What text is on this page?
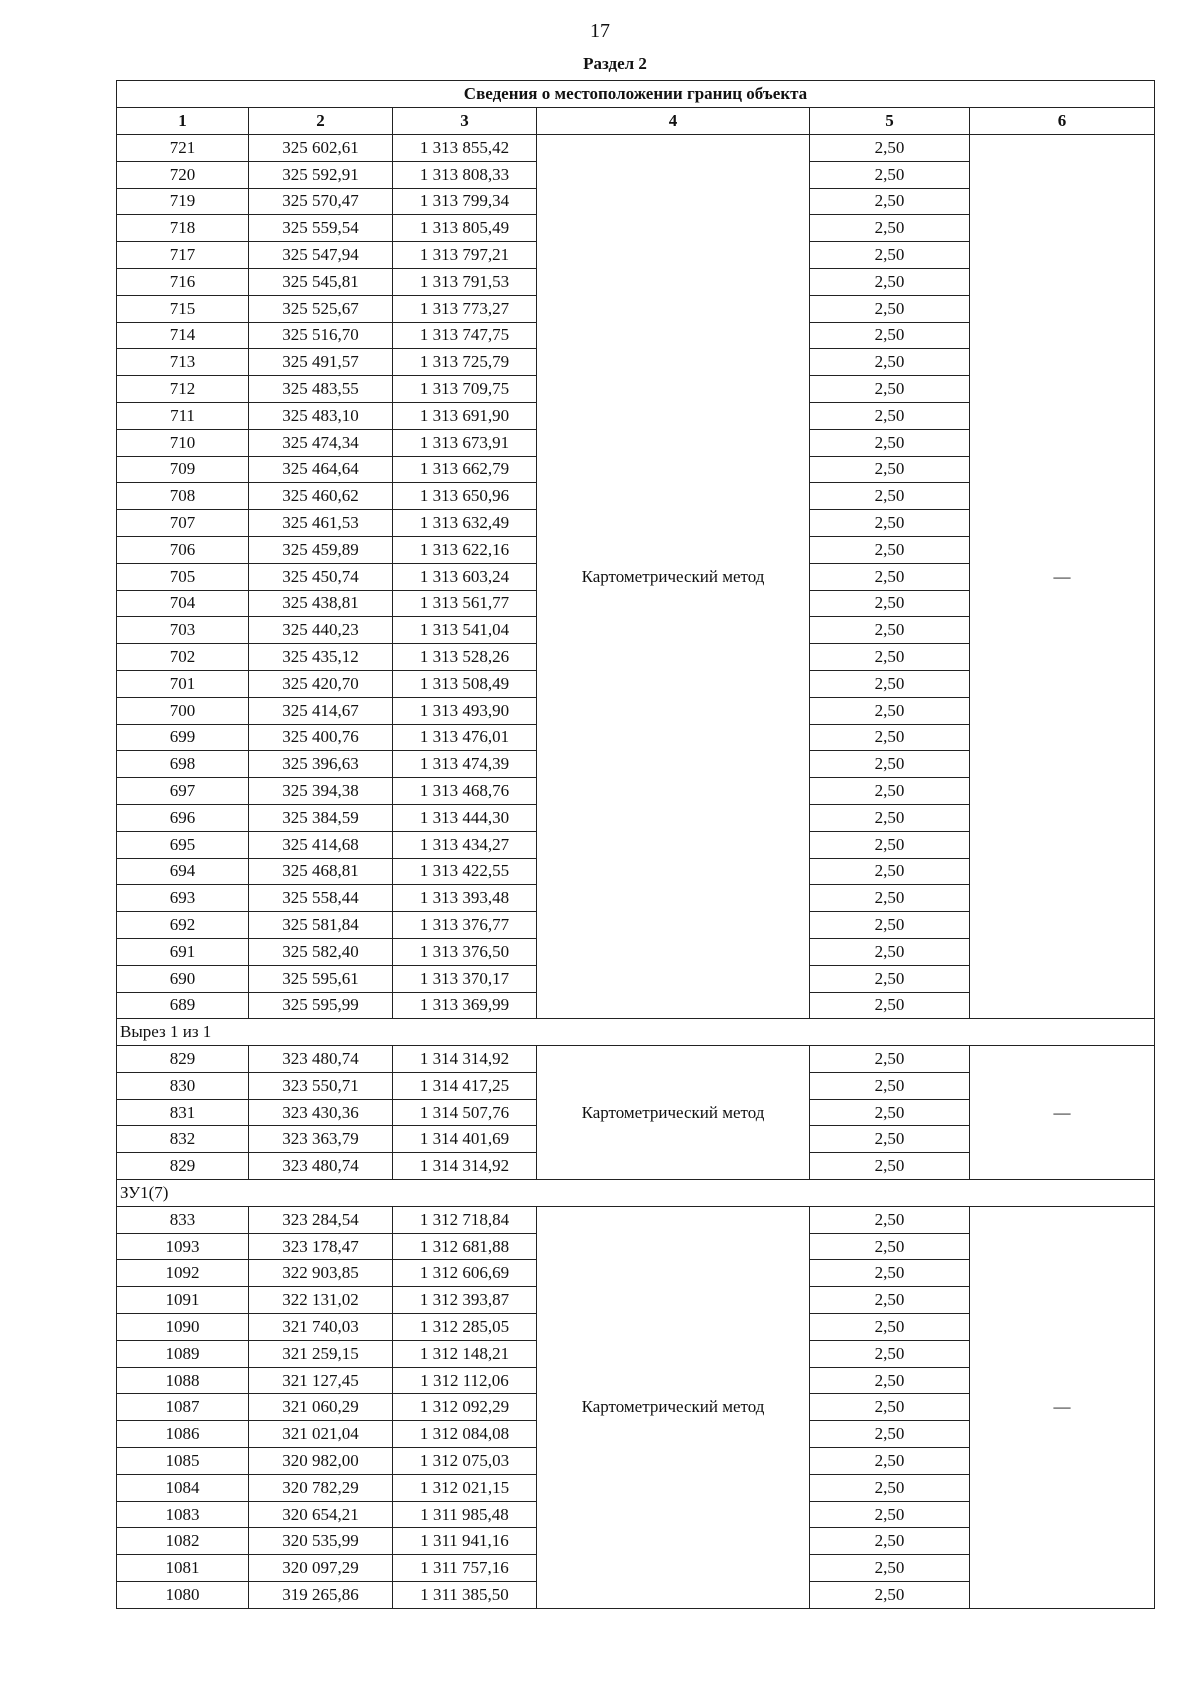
17
Раздел 2
Сведения о местоположении границ объекта					
1	2	3	4	5	6
721	325 602,61	1 313 855,42	Картометрический метод	2,50	—
720	325 592,91	1 313 808,33		2,50	
719	325 570,47	1 313 799,34		2,50	
718	325 559,54	1 313 805,49		2,50	
717	325 547,94	1 313 797,21		2,50	
716	325 545,81	1 313 791,53		2,50	
715	325 525,67	1 313 773,27		2,50	
714	325 516,70	1 313 747,75		2,50	
713	325 491,57	1 313 725,79		2,50	
712	325 483,55	1 313 709,75		2,50	
711	325 483,10	1 313 691,90		2,50	
710	325 474,34	1 313 673,91		2,50	
709	325 464,64	1 313 662,79		2,50	
708	325 460,62	1 313 650,96		2,50	
707	325 461,53	1 313 632,49		2,50	
706	325 459,89	1 313 622,16		2,50	
705	325 450,74	1 313 603,24		2,50	
704	325 438,81	1 313 561,77		2,50	
703	325 440,23	1 313 541,04		2,50	
702	325 435,12	1 313 528,26		2,50	
701	325 420,70	1 313 508,49		2,50	
700	325 414,67	1 313 493,90		2,50	
699	325 400,76	1 313 476,01		2,50	
698	325 396,63	1 313 474,39		2,50	
697	325 394,38	1 313 468,76		2,50	
696	325 384,59	1 313 444,30		2,50	
695	325 414,68	1 313 434,27		2,50	
694	325 468,81	1 313 422,55		2,50	
693	325 558,44	1 313 393,48		2,50	
692	325 581,84	1 313 376,77		2,50	
691	325 582,40	1 313 376,50		2,50	
690	325 595,61	1 313 370,17		2,50	
689	325 595,99	1 313 369,99		2,50	
Вырез 1 из 1					
829	323 480,74	1 314 314,92	Картометрический метод	2,50	—
830	323 550,71	1 314 417,25		2,50	
831	323 430,36	1 314 507,76		2,50	
832	323 363,79	1 314 401,69		2,50	
829	323 480,74	1 314 314,92		2,50	
ЗУ1(7)					
833	323 284,54	1 312 718,84	Картометрический метод	2,50	—
1093	323 178,47	1 312 681,88		2,50	
1092	322 903,85	1 312 606,69		2,50	
1091	322 131,02	1 312 393,87		2,50	
1090	321 740,03	1 312 285,05		2,50	
1089	321 259,15	1 312 148,21		2,50	
1088	321 127,45	1 312 112,06		2,50	
1087	321 060,29	1 312 092,29		2,50	
1086	321 021,04	1 312 084,08		2,50	
1085	320 982,00	1 312 075,03		2,50	
1084	320 782,29	1 312 021,15		2,50	
1083	320 654,21	1 311 985,48		2,50	
1082	320 535,99	1 311 941,16		2,50	
1081	320 097,29	1 311 757,16		2,50	
1080	319 265,86	1 311 385,50		2,50	
